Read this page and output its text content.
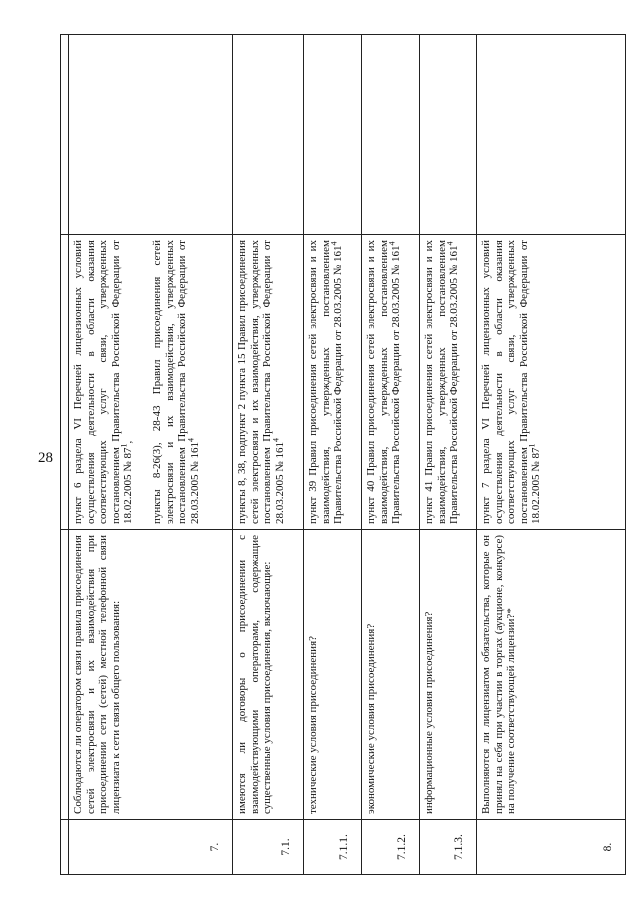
28

7.	Соблюдаются ли оператором связи правила присоединения сетей электросвязи и их взаимодействия при присоединении сети (сетей) местной телефонной связи лицензиата к сети связи общего пользования:	пункт 6 раздела VI Перечней лицензионных условий осуществления деятельности в области оказания соответствующих услуг связи, утвержденных постановлением Правительства Российской Федерации от 18.02.2005 № $87^1$, пункты 8-26(3), 28-43 Правил присоединения сетей электросвязи и их взаимодействия, утвержденных постановлением Правительства Российской Федерации от 28.03.2005 № $161^4$

7.1.	имеются ли договоры о присоединении с взаимодействующими операторами, содержащие существенные условия присоединения, включающие:	пункты 8, 38, подпункт 2 пункта 15 Правил присоединения сетей электросвязи и их взаимодействия, утвержденных постановлением Правительства Российской Федерации от 28.03.2005 № $161^4$

7.1.1.	технические условия присоединения?	пункт 39 Правил присоединения сетей электросвязи и их взаимодействия, утвержденных постановлением Правительства Российской Федерации от 28.03.2005 № $161^4$

7.1.2.	экономические условия присоединения?	пункт 40 Правил присоединения сетей электросвязи и их взаимодействия, утвержденных постановлением Правительства Российской Федерации от 28.03.2005 № $161^4$

7.1.3.	информационные условия присоединения?	пункт 41 Правил присоединения сетей электросвязи и их взаимодействия, утвержденных постановлением Правительства Российской Федерации от 28.03.2005 № $161^4$

8.	Выполняются ли лицензиатом обязательства, которые он принял на себя при участии в торгах (аукционе, конкурсе) на получение соответствующей лицензии?*	пункт 7 раздела VI Перечней лицензионных условий осуществления деятельности в области оказания соответствующих услуг связи, утвержденных постановлением Правительства Российской Федерации от 18.02.2005 № $87^1$
